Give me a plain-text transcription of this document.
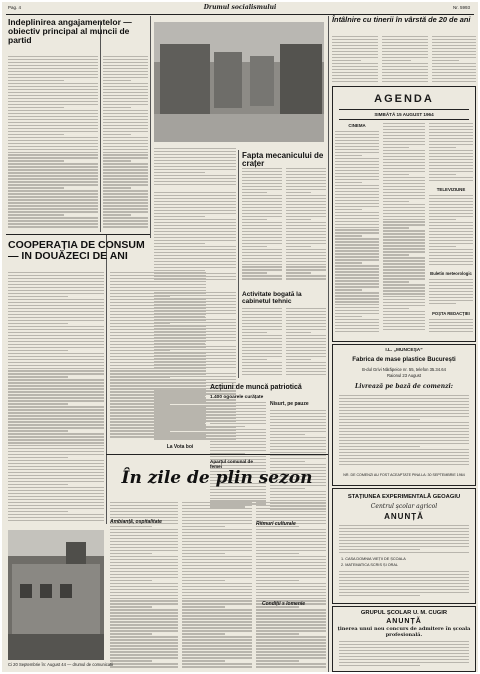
Pag. 4	Drumul socialismului	Nr. 5993
Indeplinirea angajamentelor — obiectiv principal al muncii de partid
Fapta mecanicului de crațer
COOPERAȚIA DE CONSUM— IN DOUĂZECI DE ANI
Activitate bogată la cabinetul tehnic
Acțiuni de muncă patriotică
1.400 ogoarele curățate
Nisurt, pe pauze
Aparțul comunal de femei
La Vota boi
În zile de plin sezon
Ambianță, ospitalitate
Condiții s lomenie
Ritmuri culturale
Ci 20 Septembrie în: August 44 — drumul de comunicatii
Întâlnire cu tinerii în vârstă de 20 de ani
AGENDA
SIMBĂTĂ 15 AUGUST 1964
CINEMA
TELEVIZIUNE
Buletin meteorologic
POȘTA REDACȚIEI
I.L. „MUNCEŞA”
Fabrica de mase plastice București
B-dul Grivi Nărăpeice nr. 55, telefon 35.34.64
Raionul 23 August
Livrează pe bază de comenzi:
NR. DE COMENZI AU FOST ACEAPTATE PINA LA: 30 SEPTEMBRIE 1964
STAȚIUNEA EXPERIMENTALĂ GEOAGIU
Centrul școlar agricol
ANUNȚĂ
1. CASA DOMNIA VIEȚII DE ȘCOALA
2. MATEMATICA SCRIS ȘI ORAL
GRUPUL ȘCOLAR U. M. CUGIR
ANUNȚĂ
ținerea unui nou concurs de admitere în școala profesională.
